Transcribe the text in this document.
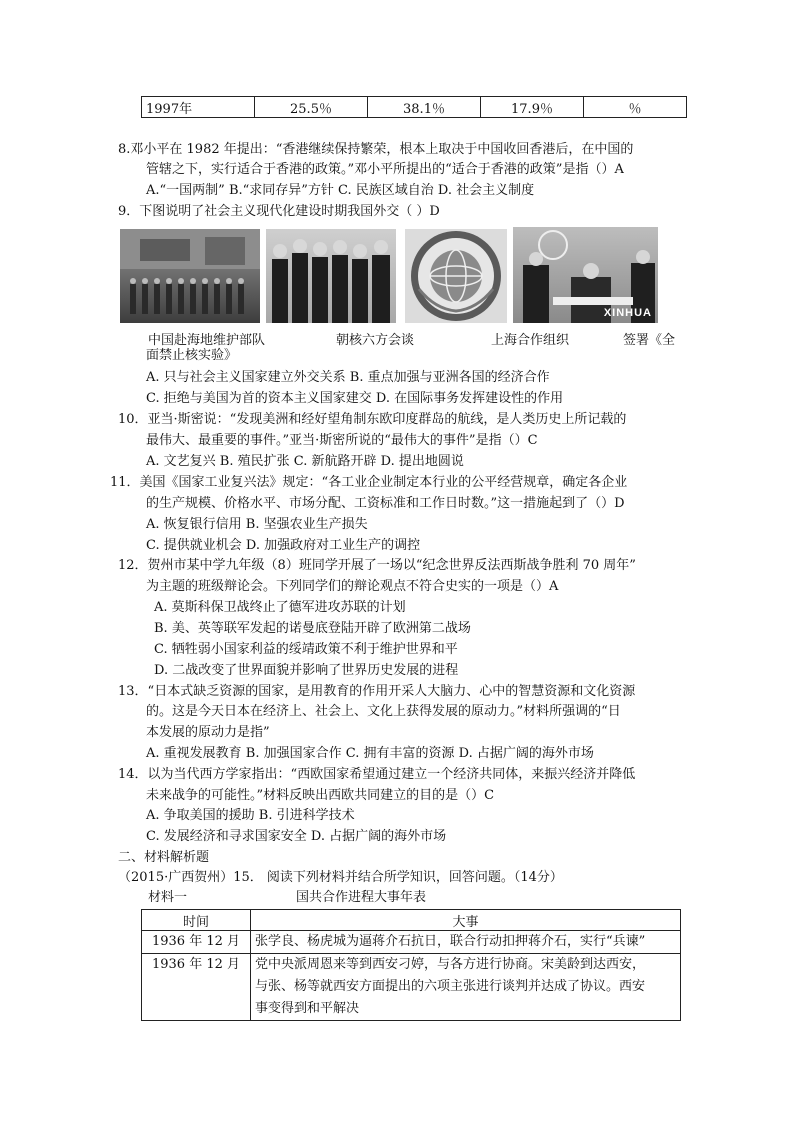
1997年	25.5％	38.1％	17.9％	％
8.邓小平在 1982 年提出：“香港继续保持繁荣，根本上取决于中国收回香港后，在中国的
管辖之下，实行适合于香港的政策。”邓小平所提出的“适合于香港的政策”是指（）A
A.“一国两制” B.“求同存异”方针 C. 民族区域自治 D. 社会主义制度
9．下图说明了社会主义现代化建设时期我国外交（ ）D
XINHUA
中国赴海地维护部队	朝核六方会谈	上海合作组织	签署《全
面禁止核实验》
A. 只与社会主义国家建立外交关系 B. 重点加强与亚洲各国的经济合作
C. 拒绝与美国为首的资本主义国家建交 D. 在国际事务发挥建设性的作用
10．亚当·斯密说：“发现美洲和经好望角制东欧印度群岛的航线，是人类历史上所记载的
最伟大、最重要的事件。”亚当·斯密所说的“最伟大的事件”是指（）C
A. 文艺复兴 B. 殖民扩张 C. 新航路开辟 D. 提出地圆说
11．美国《国家工业复兴法》规定：“各工业企业制定本行业的公平经营规章，确定各企业
的生产规模、价格水平、市场分配、工资标准和工作日时数。”这一措施起到了（）D
A. 恢复银行信用 B. 坚强农业生产损失
C. 提供就业机会 D. 加强政府对工业生产的调控
12．贺州市某中学九年级（8）班同学开展了一场以“纪念世界反法西斯战争胜利 70 周年”
为主题的班级辩论会。下列同学们的辩论观点不符合史实的一项是（）A
A. 莫斯科保卫战终止了德军进攻苏联的计划
B. 美、英等联军发起的诺曼底登陆开辟了欧洲第二战场
C. 牺牲弱小国家利益的绥靖政策不利于维护世界和平
D. 二战改变了世界面貌并影响了世界历史发展的进程
13．“日本式缺乏资源的国家，是用教育的作用开采人大脑力、心中的智慧资源和文化资源
的。这是今天日本在经济上、社会上、文化上获得发展的原动力。”材料所强调的“日
本发展的原动力是指”
A. 重视发展教育 B. 加强国家合作 C. 拥有丰富的资源 D. 占据广阔的海外市场
14．以为当代西方学家指出：“西欧国家希望通过建立一个经济共同体，来振兴经济并降低
未来战争的可能性。”材料反映出西欧共同建立的目的是（）C
A. 争取美国的援助 B. 引进科学技术
C. 发展经济和寻求国家安全 D. 占据广阔的海外市场
二、材料解析题
（2015·广西贺州）15． 阅读下列材料并结合所学知识，回答问题。（14分）
材料一	国共合作进程大事年表
时间	大事
1936 年 12 月	张学良、杨虎城为逼蒋介石抗日，联合行动扣押蒋介石，实行“兵谏”

1936 年 12 月	党中央派周恩来等到西安刁婷，与各方进行协商。宋美龄到达西安，
与张、杨等就西安方面提出的六项主张进行谈判并达成了协议。西安
事变得到和平解决
